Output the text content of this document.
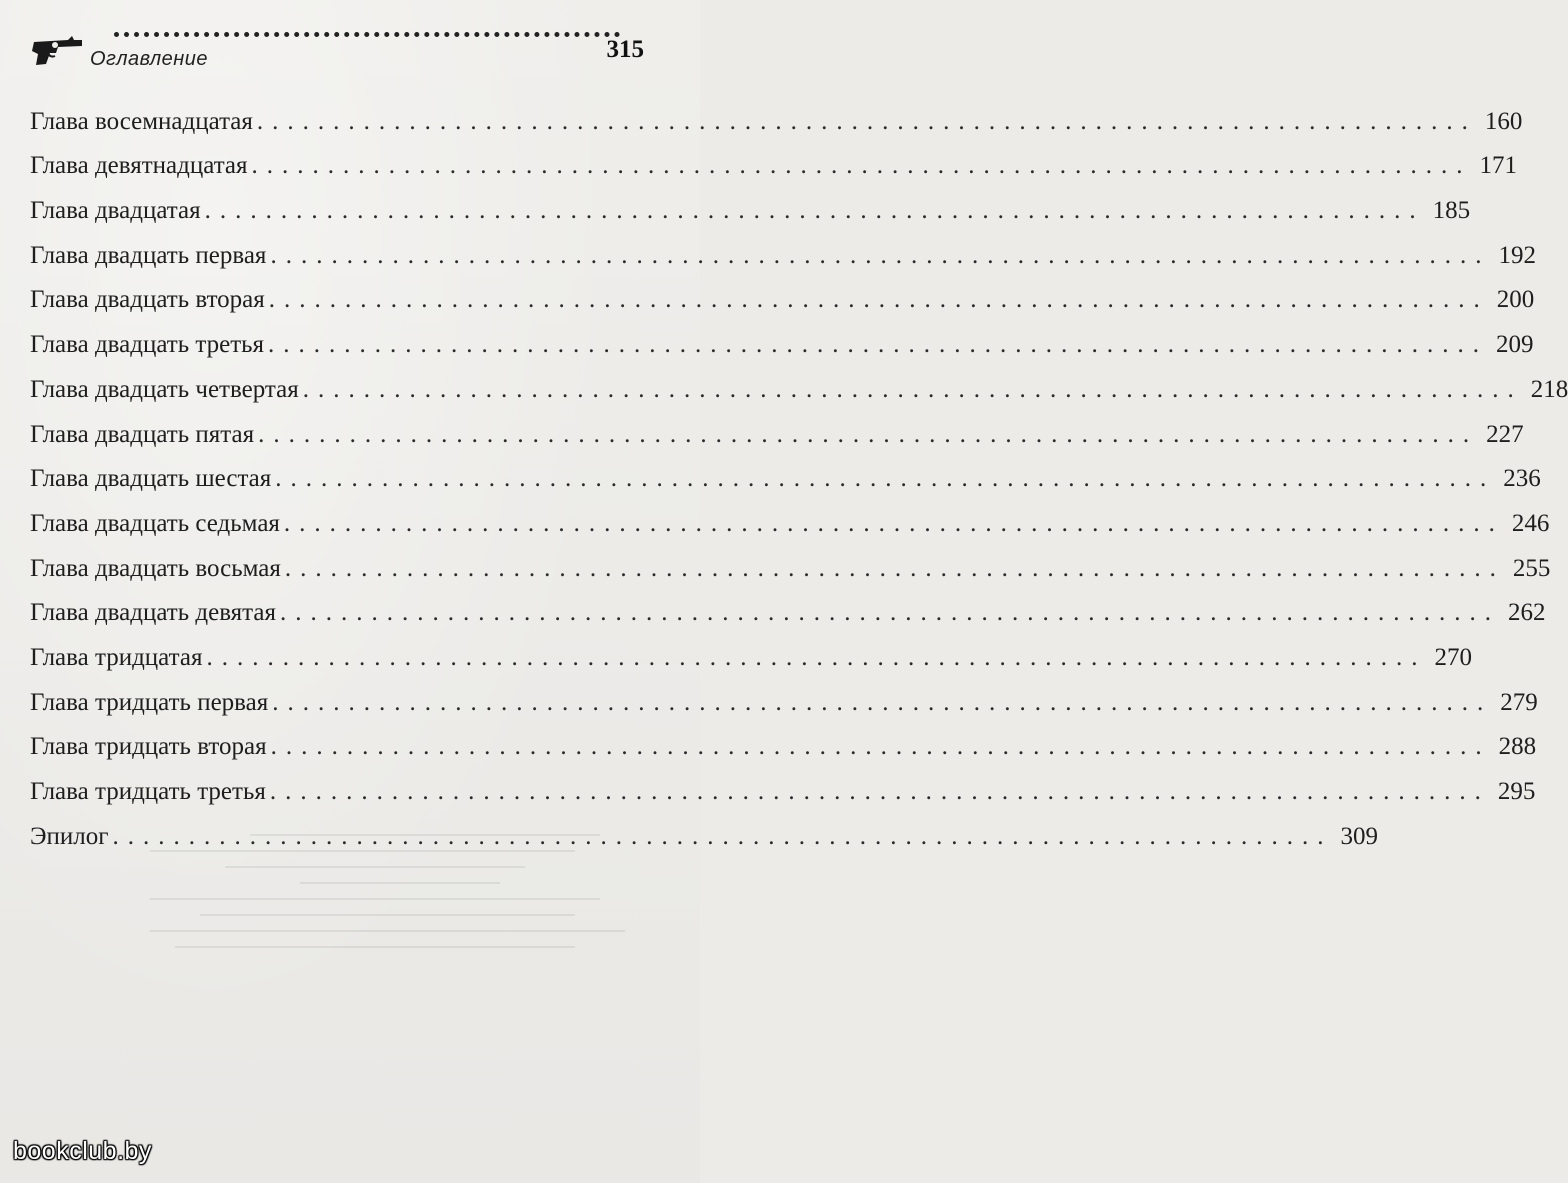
Оглавление	315
Глава восемнадцатая ................................................................................ 160
Глава девятнадцатая ................................................................................ 171
Глава двадцатая ................................................................................ 185
Глава двадцать первая ................................................................................ 192
Глава двадцать вторая ................................................................................ 200
Глава двадцать третья ................................................................................ 209
Глава двадцать четвертая ................................................................................ 218
Глава двадцать пятая ................................................................................ 227
Глава двадцать шестая ................................................................................ 236
Глава двадцать седьмая ................................................................................ 246
Глава двадцать восьмая ................................................................................ 255
Глава двадцать девятая ................................................................................ 262
Глава тридцатая ................................................................................ 270
Глава тридцать первая ................................................................................ 279
Глава тридцать вторая ................................................................................ 288
Глава тридцать третья ................................................................................ 295
Эпилог ................................................................................ 309
bookclub.by
